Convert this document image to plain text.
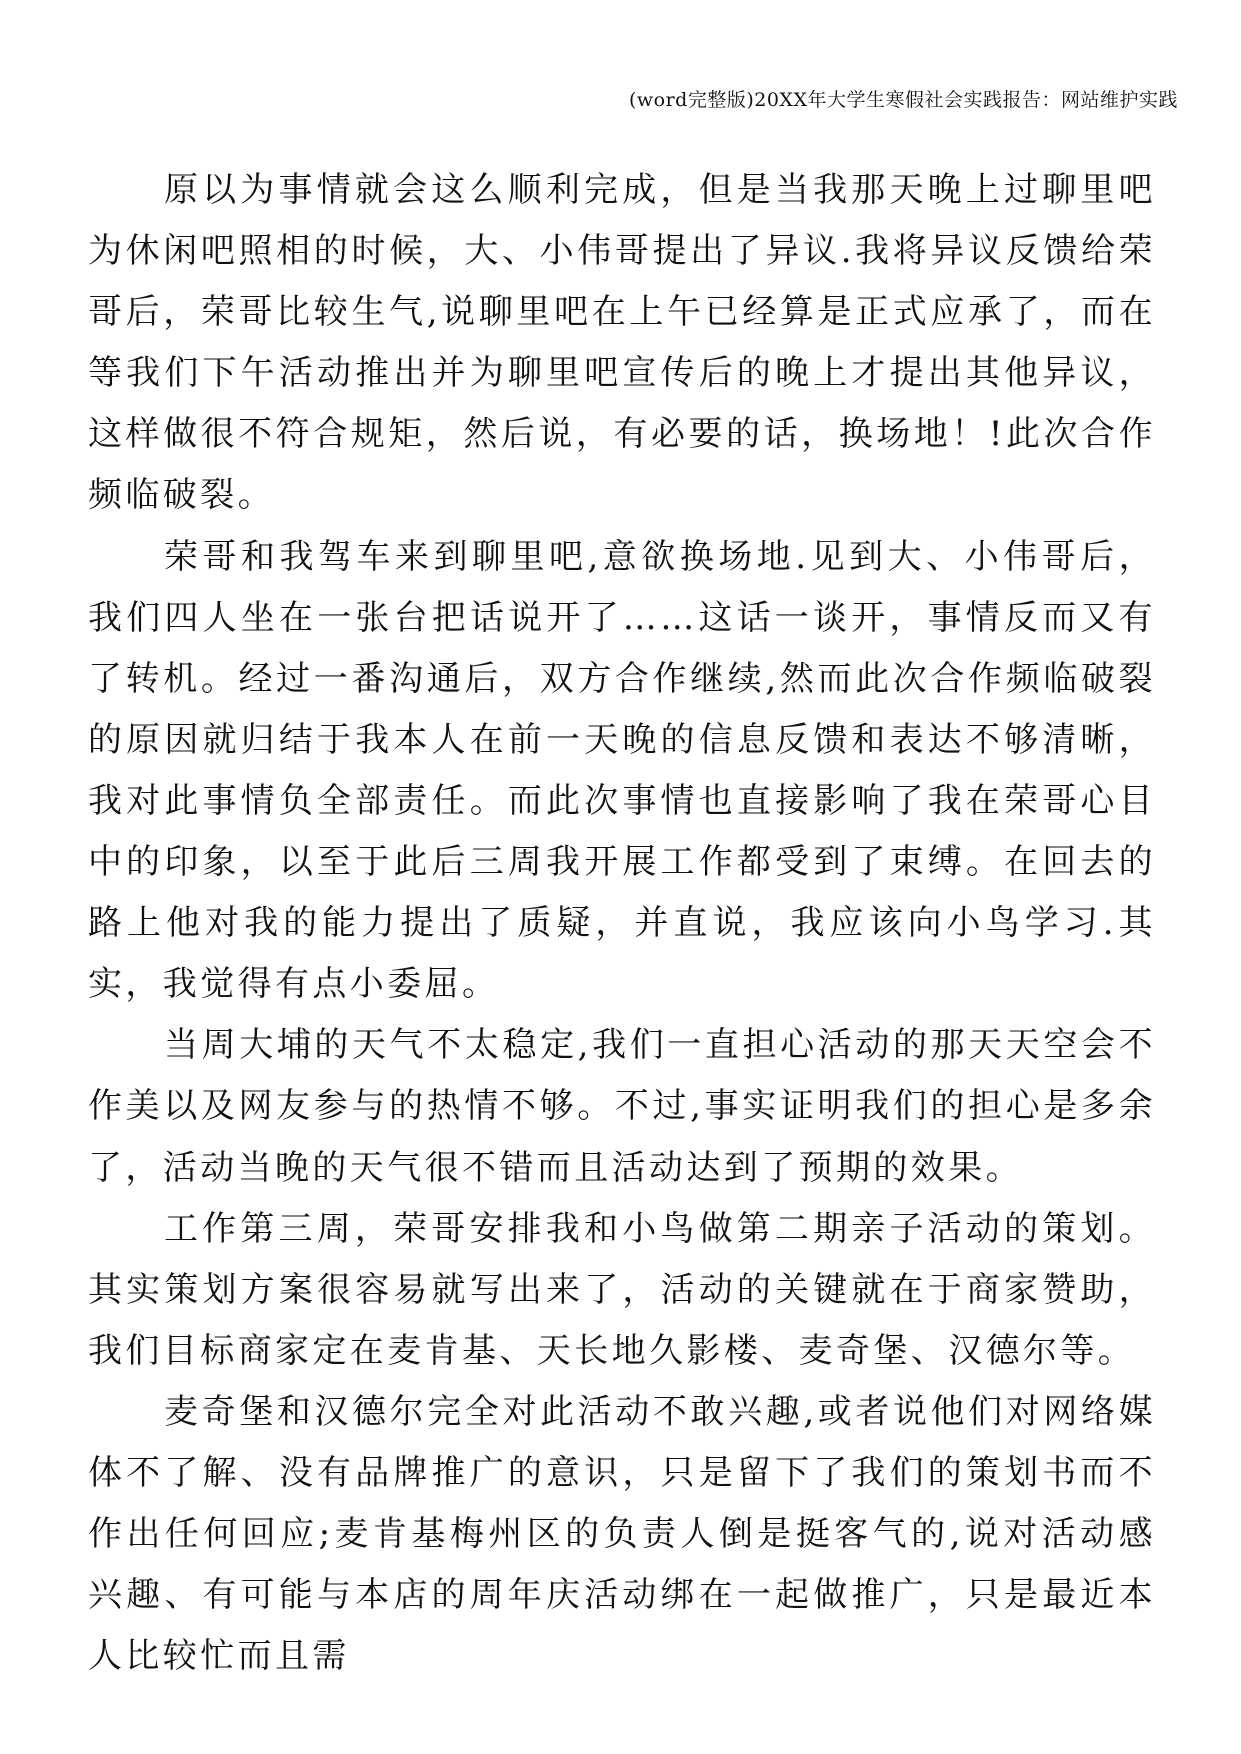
(word完整版)20XX年大学生寒假社会实践报告：网站维护实践

原以为事情就会这么顺利完成，但是当我那天晚上过聊里吧为休闲吧照相的时候，大、小伟哥提出了异议.我将异议反馈给荣哥后，荣哥比较生气,说聊里吧在上午已经算是正式应承了，而在等我们下午活动推出并为聊里吧宣传后的晚上才提出其他异议，这样做很不符合规矩，然后说，有必要的话，换场地！!此次合作频临破裂。

荣哥和我驾车来到聊里吧,意欲换场地.见到大、小伟哥后，我们四人坐在一张台把话说开了……这话一谈开，事情反而又有了转机。经过一番沟通后，双方合作继续,然而此次合作频临破裂的原因就归结于我本人在前一天晚的信息反馈和表达不够清晰，我对此事情负全部责任。而此次事情也直接影响了我在荣哥心目中的印象，以至于此后三周我开展工作都受到了束缚。在回去的路上他对我的能力提出了质疑，并直说，我应该向小鸟学习.其实，我觉得有点小委屈。

当周大埔的天气不太稳定,我们一直担心活动的那天天空会不作美以及网友参与的热情不够。不过,事实证明我们的担心是多余了，活动当晚的天气很不错而且活动达到了预期的效果。

工作第三周，荣哥安排我和小鸟做第二期亲子活动的策划。其实策划方案很容易就写出来了，活动的关键就在于商家赞助，我们目标商家定在麦肯基、天长地久影楼、麦奇堡、汉德尔等。

麦奇堡和汉德尔完全对此活动不敢兴趣,或者说他们对网络媒体不了解、没有品牌推广的意识，只是留下了我们的策划书而不作出任何回应;麦肯基梅州区的负责人倒是挺客气的,说对活动感兴趣、有可能与本店的周年庆活动绑在一起做推广，只是最近本人比较忙而且需
